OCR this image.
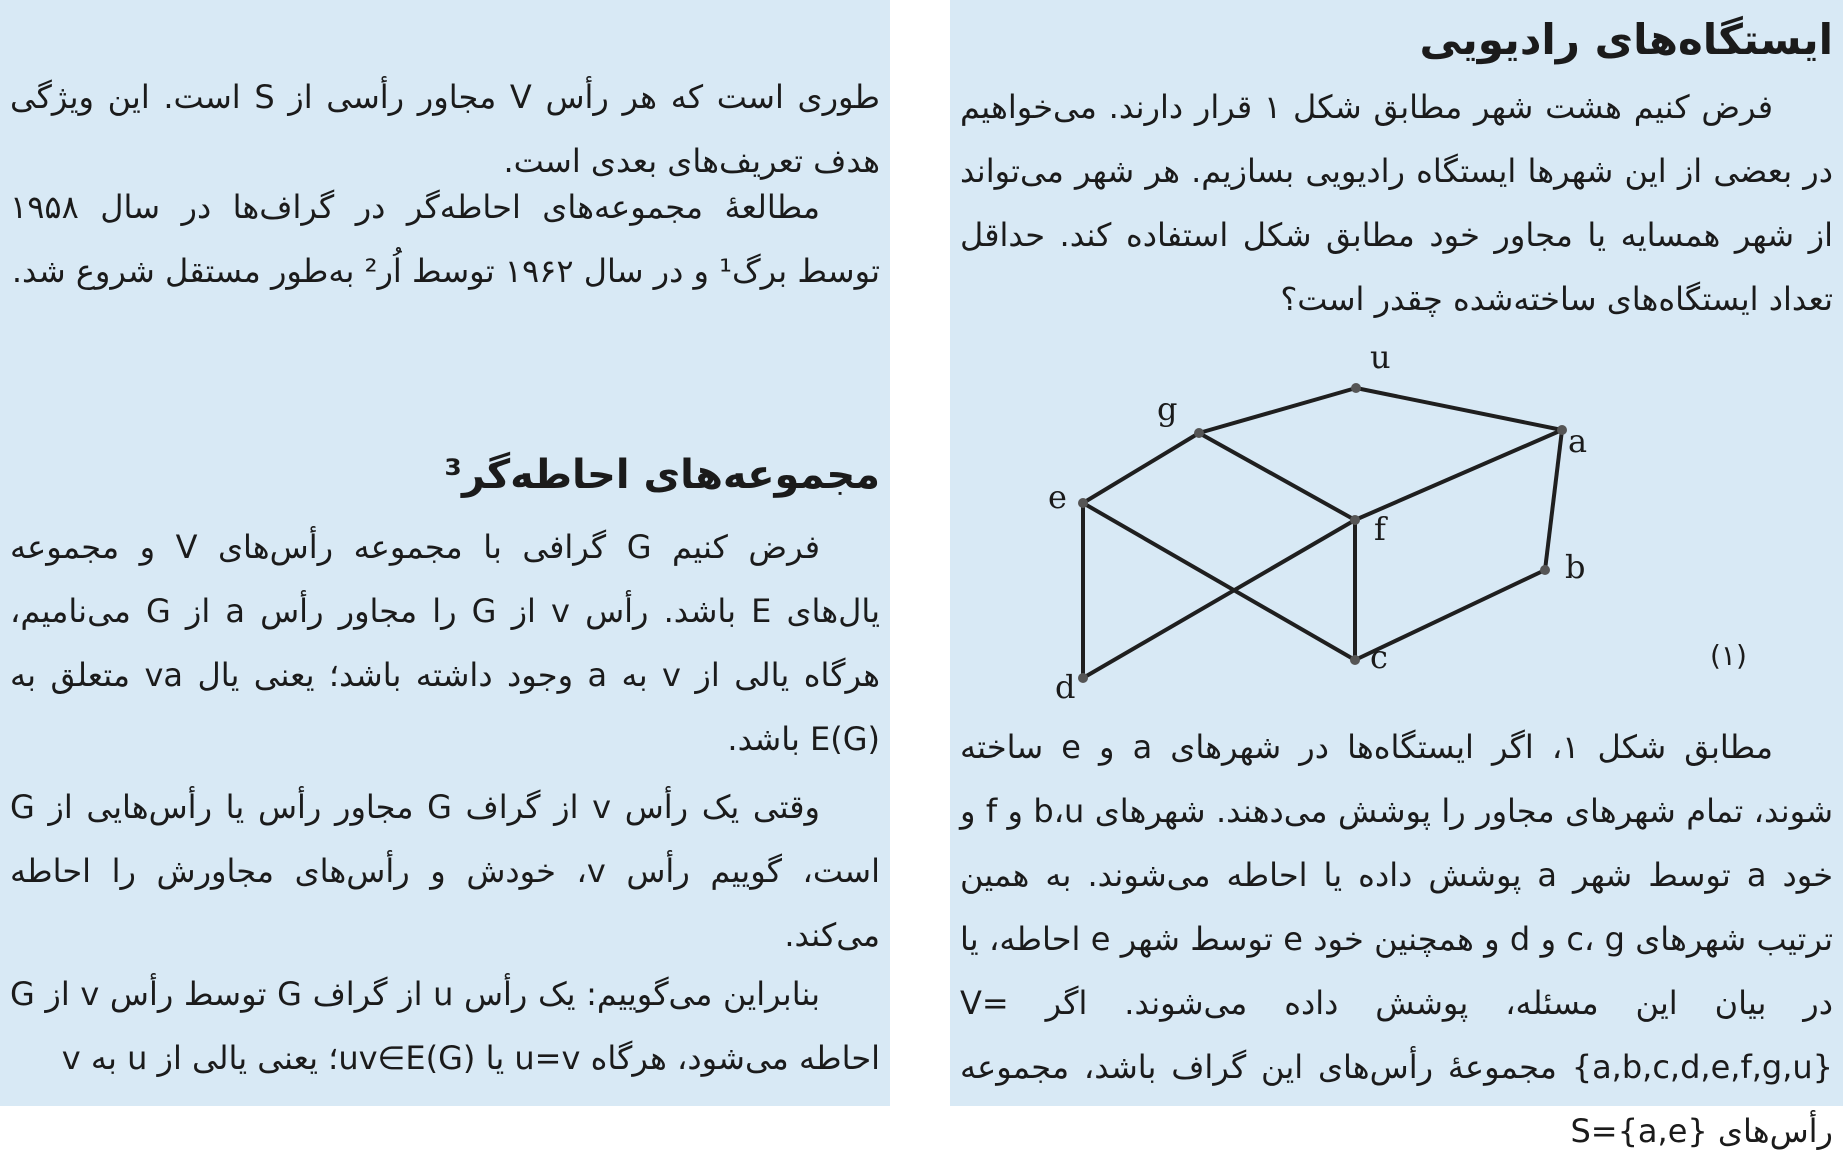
طوری است که هر رأس V مجاور رأسی از S است. این ویژگی هدف تعریف‌های بعدی است.

مطالعهٔ مجموعه‌های احاطه‌گر در گراف‌ها در سال ۱۹۵۸ توسط برگ¹ و در سال ۱۹۶۲ توسط اُر² به‌طور مستقل شروع شد.

مجموعه‌های احاطه‌گر³

فرض کنیم G گرافی با مجموعه رأس‌های V و مجموعه یال‌های E باشد. رأس v از G را مجاور رأس a از G می‌نامیم، هرگاه یالی از v به a وجود داشته باشد؛ یعنی یال va متعلق به E(G) باشد.

وقتی یک رأس v از گراف G مجاور رأس یا رأس‌هایی از G است، گوییم رأس v، خودش و رأس‌های مجاورش را احاطه می‌کند.

بنابراین می‌گوییم: یک رأس u از گراف G توسط رأس v از G احاطه می‌شود، هرگاه u=v یا uv∈E(G)؛ یعنی یالی از u به v

ایستگاه‌های رادیویی

فرض کنیم هشت شهر مطابق شکل ۱ قرار دارند. می‌خواهیم در بعضی از این شهرها ایستگاه رادیویی بسازیم. هر شهر می‌تواند از شهر همسایه یا مجاور خود مطابق شکل استفاده کند. حداقل تعداد ایستگاه‌های ساخته‌شده چقدر است؟

مطابق شکل ۱، اگر ایستگاه‌ها در شهرهای a و e ساخته شوند، تمام شهرهای مجاور را پوشش می‌دهند. شهرهای b،u و f و خود a توسط شهر a پوشش داده یا احاطه می‌شوند. به همین ترتیب شهرهای c، g و d و همچنین خود e توسط شهر e احاطه، یا در بیان این مسئله، پوشش داده می‌شوند. اگر V={a,b,c,d,e,f,g,u} مجموعهٔ رأس‌های این گراف باشد، مجموعه رأس‌های S={a,e}

u
g
a
e
f
b
c
d
(۱)
